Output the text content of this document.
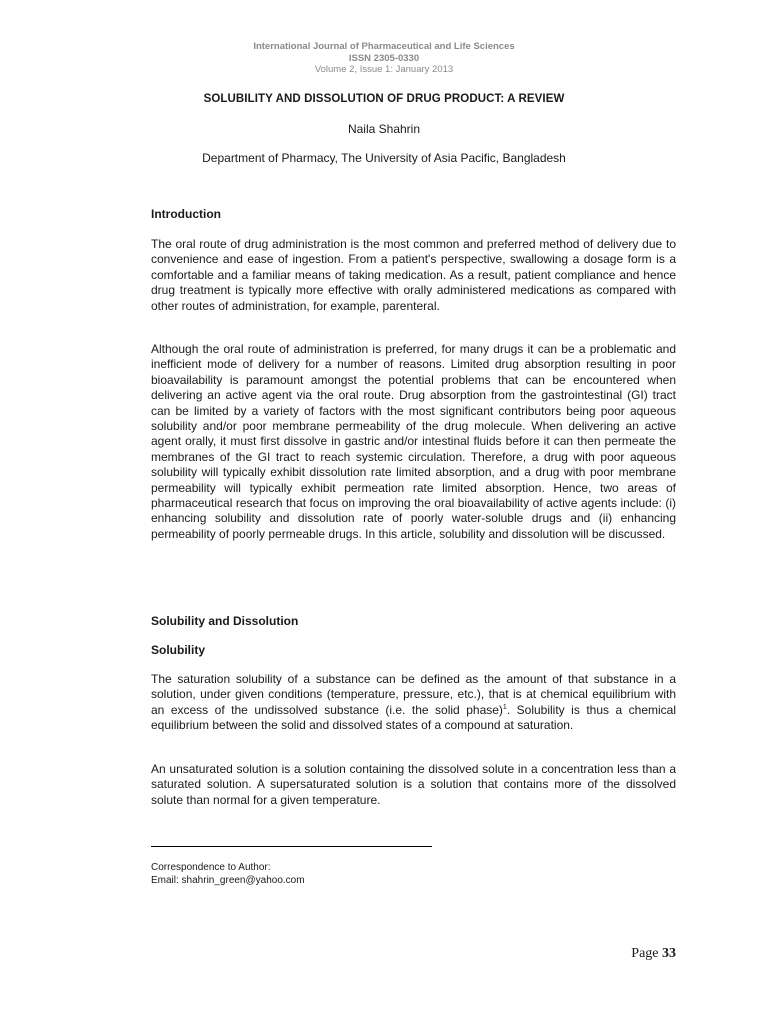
International Journal of Pharmaceutical and Life Sciences
ISSN 2305-0330
Volume 2, Issue 1: January 2013
SOLUBILITY AND DISSOLUTION OF DRUG PRODUCT: A REVIEW
Naila Shahrin
Department of Pharmacy, The University of Asia Pacific, Bangladesh
Introduction

The oral route of drug administration is the most common and preferred method of delivery due to convenience and ease of ingestion. From a patient's perspective, swallowing a dosage form is a comfortable and a familiar means of taking medication. As a result, patient compliance and hence drug treatment is typically more effective with orally administered medications as compared with other routes of administration, for example, parenteral.

Although the oral route of administration is preferred, for many drugs it can be a problematic and inefficient mode of delivery for a number of reasons. Limited drug absorption resulting in poor bioavailability is paramount amongst the potential problems that can be encountered when delivering an active agent via the oral route. Drug absorption from the gastrointestinal (GI) tract can be limited by a variety of factors with the most significant contributors being poor aqueous solubility and/or poor membrane permeability of the drug molecule. When delivering an active agent orally, it must first dissolve in gastric and/or intestinal fluids before it can then permeate the membranes of the GI tract to reach systemic circulation. Therefore, a drug with poor aqueous solubility will typically exhibit dissolution rate limited absorption, and a drug with poor membrane permeability will typically exhibit permeation rate limited absorption. Hence, two areas of pharmaceutical research that focus on improving the oral bioavailability of active agents include: (i) enhancing solubility and dissolution rate of poorly water-soluble drugs and (ii) enhancing permeability of poorly permeable drugs. In this article, solubility and dissolution will be discussed.

Solubility and Dissolution
Solubility

The saturation solubility of a substance can be defined as the amount of that substance in a solution, under given conditions (temperature, pressure, etc.), that is at chemical equilibrium with an excess of the undissolved substance (i.e. the solid phase)$^1$. Solubility is thus a chemical equilibrium between the solid and dissolved states of a compound at saturation.

An unsaturated solution is a solution containing the dissolved solute in a concentration less than a saturated solution. A supersaturated solution is a solution that contains more of the dissolved solute than normal for a given temperature.

Correspondence to Author:
Email: shahrin_green@yahoo.com
Page 33
